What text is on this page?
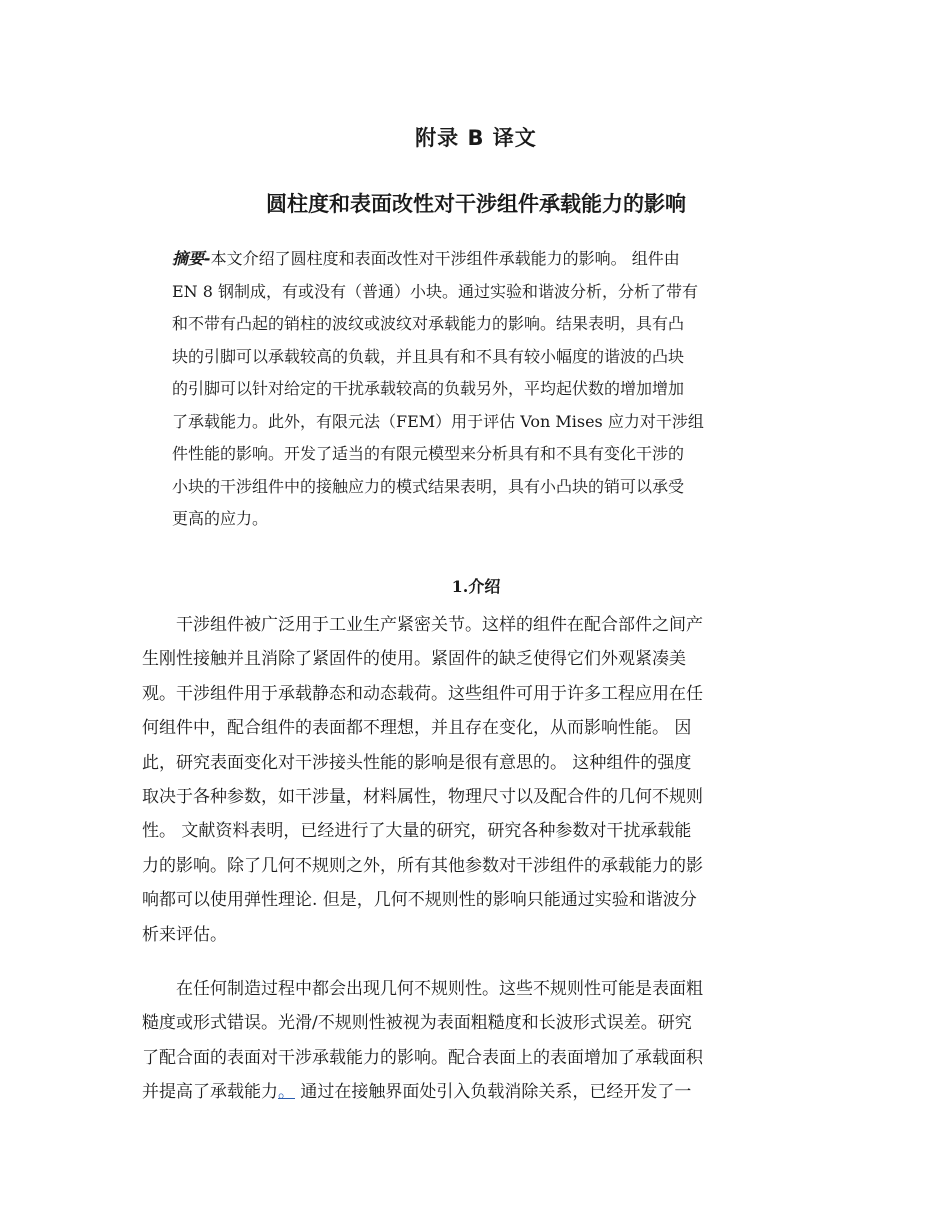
附录 B 译文
圆柱度和表面改性对干涉组件承载能力的影响
摘要-本文介绍了圆柱度和表面改性对干涉组件承载能力的影响。 组件由
EN 8 钢制成，有或没有（普通）小块。通过实验和谐波分析，分析了带有
和不带有凸起的销柱的波纹或波纹对承载能力的影响。结果表明，具有凸
块的引脚可以承载较高的负载，并且具有和不具有较小幅度的谐波的凸块
的引脚可以针对给定的干扰承载较高的负载另外，平均起伏数的增加增加
了承载能力。此外，有限元法（FEM）用于评估 Von Mises 应力对干涉组
件性能的影响。开发了适当的有限元模型来分析具有和不具有变化干涉的
小块的干涉组件中的接触应力的模式结果表明，具有小凸块的销可以承受
更高的应力。
1.介绍
　　干涉组件被广泛用于工业生产紧密关节。这样的组件在配合部件之间产
生刚性接触并且消除了紧固件的使用。紧固件的缺乏使得它们外观紧凑美
观。干涉组件用于承载静态和动态载荷。这些组件可用于许多工程应用在任
何组件中，配合组件的表面都不理想，并且存在变化，从而影响性能。 因
此，研究表面变化对干涉接头性能的影响是很有意思的。 这种组件的强度
取决于各种参数，如干涉量，材料属性，物理尺寸以及配合件的几何不规则
性。 文献资料表明，已经进行了大量的研究，研究各种参数对干扰承载能
力的影响。除了几何不规则之外，所有其他参数对干涉组件的承载能力的影
响都可以使用弹性理论. 但是，几何不规则性的影响只能通过实验和谐波分
析来评估。
　　在任何制造过程中都会出现几何不规则性。这些不规则性可能是表面粗
糙度或形式错误。光滑/不规则性被视为表面粗糙度和长波形式误差。研究
了配合面的表面对干涉承载能力的影响。配合表面上的表面增加了承载面积
并提高了承载能力。 通过在接触界面处引入负载消除关系，已经开发了一
